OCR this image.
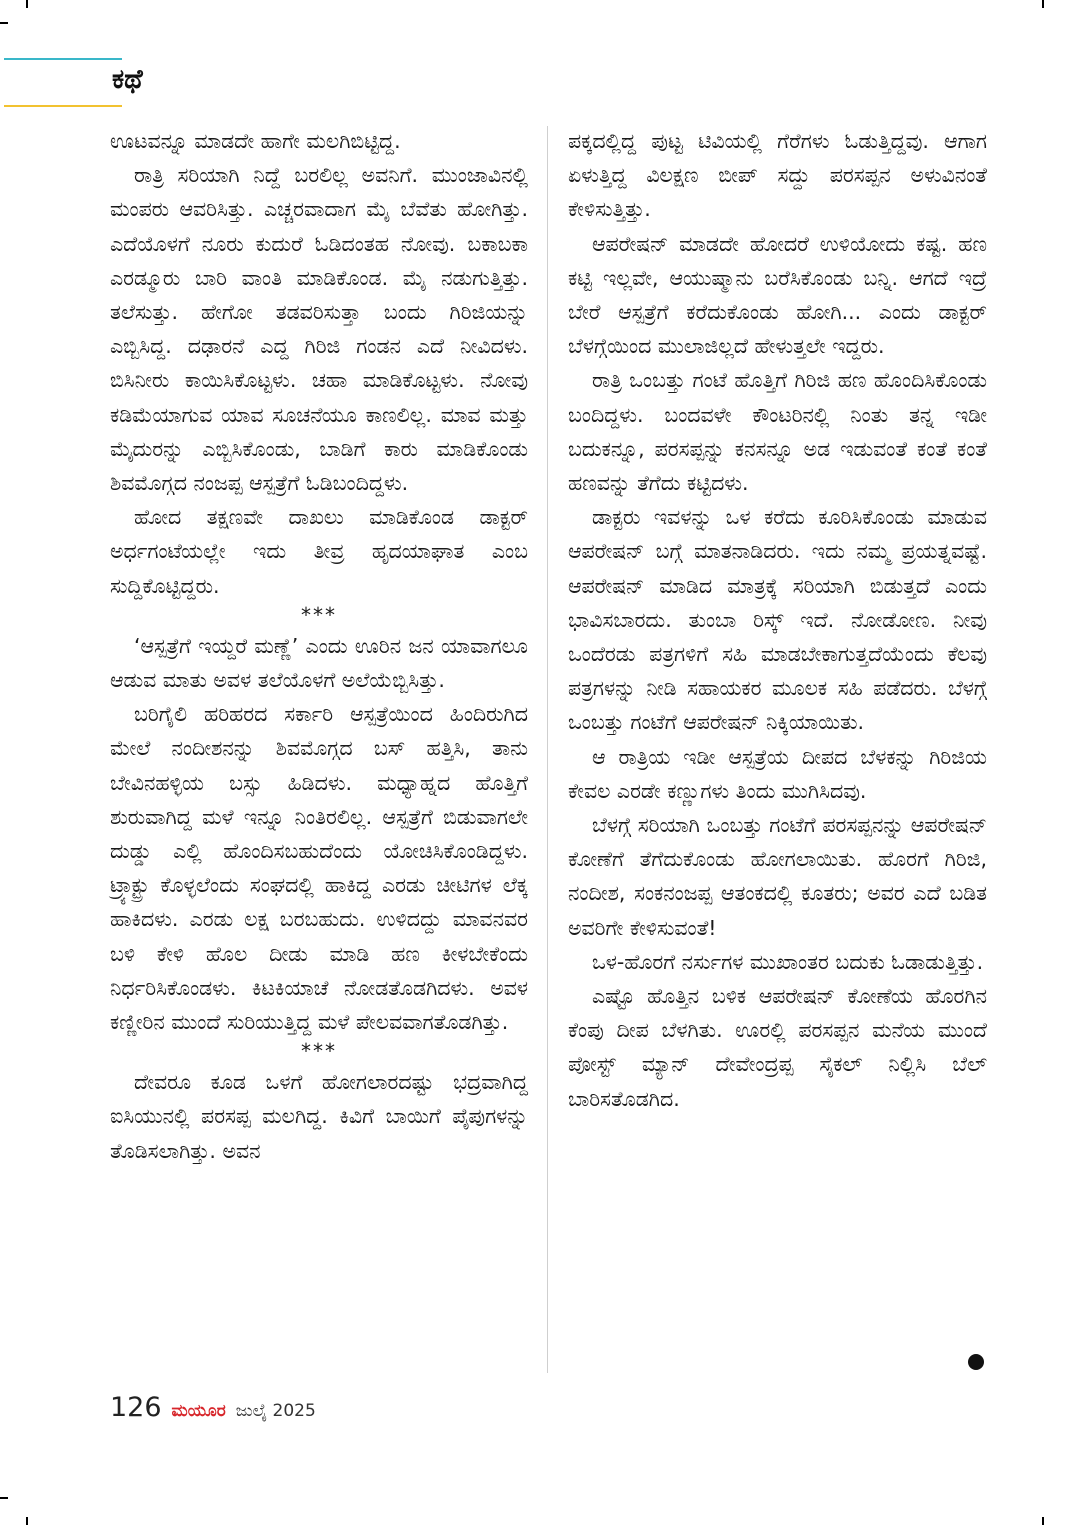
ಕಥೆ
ಊಟವನ್ನೂ ಮಾಡದೇ ಹಾಗೇ ಮಲಗಿಬಿಟ್ಟಿದ್ದ.
ರಾತ್ರಿ ಸರಿಯಾಗಿ ನಿದ್ದೆ ಬರಲಿಲ್ಲ ಅವನಿಗೆ. ಮುಂಜಾವಿನಲ್ಲಿ ಮಂಪರು ಆವರಿಸಿತ್ತು. ಎಚ್ಚರವಾದಾಗ ಮೈ ಬೆವೆತು ಹೋಗಿತ್ತು. ಎದೆಯೊಳಗೆ ನೂರು ಕುದುರೆ ಓಡಿದಂತಹ ನೋವು. ಬಕಾಬಕಾ ಎರಡ್ಮೂರು ಬಾರಿ ವಾಂತಿ ಮಾಡಿಕೊಂಡ. ಮೈ ನಡುಗುತ್ತಿತ್ತು. ತಲೆಸುತ್ತು. ಹೇಗೋ ತಡವರಿಸುತ್ತಾ ಬಂದು ಗಿರಿಜಿಯನ್ನು ಎಬ್ಬಿಸಿದ್ದ. ದಢಾರನೆ ಎದ್ದ ಗಿರಿಜಿ ಗಂಡನ ಎದೆ ನೀವಿದಳು. ಬಿಸಿನೀರು ಕಾಯಿಸಿಕೊಟ್ಟಳು. ಚಹಾ ಮಾಡಿಕೊಟ್ಟಳು. ನೋವು ಕಡಿಮೆಯಾಗುವ ಯಾವ ಸೂಚನೆಯೂ ಕಾಣಲಿಲ್ಲ. ಮಾವ ಮತ್ತು ಮೈದುರನ್ನು ಎಬ್ಬಿಸಿಕೊಂಡು, ಬಾಡಿಗೆ ಕಾರು ಮಾಡಿಕೊಂಡು ಶಿವಮೊಗ್ಗದ ನಂಜಪ್ಪ ಆಸ್ಪತ್ರೆಗೆ ಓಡಿಬಂದಿದ್ದಳು.
ಹೋದ ತಕ್ಷಣವೇ ದಾಖಲು ಮಾಡಿಕೊಂಡ ಡಾಕ್ಟರ್ ಅರ್ಧಗಂಟೆಯಲ್ಲೇ ಇದು ತೀವ್ರ ಹೃದಯಾಘಾತ ಎಂಬ ಸುದ್ದಿಕೊಟ್ಟಿದ್ದರು.
***
‘ಆಸ್ಪತ್ರೆಗೆ ಇಯ್ದರೆ ಮಣ್ಣೆ’ ಎಂದು ಊರಿನ ಜನ ಯಾವಾಗಲೂ ಆಡುವ ಮಾತು ಅವಳ ತಲೆಯೊಳಗೆ ಅಲೆಯೆಬ್ಬಿಸಿತ್ತು.
ಬರಿಗೈಲಿ ಹರಿಹರದ ಸರ್ಕಾರಿ ಆಸ್ಪತ್ರೆಯಿಂದ ಹಿಂದಿರುಗಿದ ಮೇಲೆ ನಂದೀಶನನ್ನು ಶಿವಮೊಗ್ಗದ ಬಸ್ ಹತ್ತಿಸಿ, ತಾನು ಬೇವಿನಹಳ್ಳಿಯ ಬಸ್ಸು ಹಿಡಿದಳು. ಮಧ್ಯಾಹ್ನದ ಹೊತ್ತಿಗೆ ಶುರುವಾಗಿದ್ದ ಮಳೆ ಇನ್ನೂ ನಿಂತಿರಲಿಲ್ಲ. ಆಸ್ಪತ್ರೆಗೆ ಬಿಡುವಾಗಲೇ ದುಡ್ಡು ಎಲ್ಲಿ ಹೊಂದಿಸಬಹುದೆಂದು ಯೋಚಿಸಿಕೊಂಡಿದ್ದಳು. ಟ್ರ್ಯಾಕ್ಟ್ರು ಕೊಳ್ಳಲೆಂದು ಸಂಘದಲ್ಲಿ ಹಾಕಿದ್ದ ಎರಡು ಚೀಟಿಗಳ ಲೆಕ್ಕ ಹಾಕಿದಳು. ಎರಡು ಲಕ್ಷ ಬರಬಹುದು. ಉಳಿದದ್ದು ಮಾವನವರ ಬಳಿ ಕೇಳಿ ಹೊಲ ದೀಡು ಮಾಡಿ ಹಣ ಕೀಳಬೇಕೆಂದು ನಿರ್ಧರಿಸಿಕೊಂಡಳು. ಕಿಟಕಿಯಾಚೆ ನೋಡತೊಡಗಿದಳು. ಅವಳ ಕಣ್ಣೀರಿನ ಮುಂದೆ ಸುರಿಯುತ್ತಿದ್ದ ಮಳೆ ಪೇಲವವಾಗತೊಡಗಿತ್ತು.
***
ದೇವರೂ ಕೂಡ ಒಳಗೆ ಹೋಗಲಾರದಷ್ಟು ಭದ್ರವಾಗಿದ್ದ ಐಸಿಯುನಲ್ಲಿ ಪರಸಪ್ಪ ಮಲಗಿದ್ದ. ಕಿವಿಗೆ ಬಾಯಿಗೆ ಪೈಪುಗಳನ್ನು ತೊಡಿಸಲಾಗಿತ್ತು. ಅವನ
ಪಕ್ಕದಲ್ಲಿದ್ದ ಪುಟ್ಟ ಟಿವಿಯಲ್ಲಿ ಗೆರೆಗಳು ಓಡುತ್ತಿದ್ದವು. ಆಗಾಗ ಏಳುತ್ತಿದ್ದ ವಿಲಕ್ಷಣ ಬೀಪ್ ಸದ್ದು ಪರಸಪ್ಪನ ಅಳುವಿನಂತೆ ಕೇಳಿಸುತ್ತಿತ್ತು.
ಆಪರೇಷನ್ ಮಾಡದೇ ಹೋದರೆ ಉಳಿಯೋದು ಕಷ್ಟ. ಹಣ ಕಟ್ಟಿ ಇಲ್ಲವೇ, ಆಯುಷ್ಮಾನು ಬರೆಸಿಕೊಂಡು ಬನ್ನಿ. ಆಗದೆ ಇದ್ರೆ ಬೇರೆ ಆಸ್ಪತ್ರೆಗೆ ಕರೆದುಕೊಂಡು ಹೋಗಿ... ಎಂದು ಡಾಕ್ಟರ್ ಬೆಳಗ್ಗೆಯಿಂದ ಮುಲಾಜಿಲ್ಲದೆ ಹೇಳುತ್ತಲೇ ಇದ್ದರು.
ರಾತ್ರಿ ಒಂಬತ್ತು ಗಂಟೆ ಹೊತ್ತಿಗೆ ಗಿರಿಜಿ ಹಣ ಹೊಂದಿಸಿಕೊಂಡು ಬಂದಿದ್ದಳು. ಬಂದವಳೇ ಕೌಂಟರಿನಲ್ಲಿ ನಿಂತು ತನ್ನ ಇಡೀ ಬದುಕನ್ನೂ, ಪರಸಪ್ಪನ್ನು ಕನಸನ್ನೂ ಅಡ ಇಡುವಂತೆ ಕಂತೆ ಕಂತೆ ಹಣವನ್ನು ತೆಗೆದು ಕಟ್ಟಿದಳು.
ಡಾಕ್ಟರು ಇವಳನ್ನು ಒಳ ಕರೆದು ಕೂರಿಸಿಕೊಂಡು ಮಾಡುವ ಆಪರೇಷನ್ ಬಗ್ಗೆ ಮಾತನಾಡಿದರು. ಇದು ನಮ್ಮ ಪ್ರಯತ್ನವಷ್ಟೆ. ಆಪರೇಷನ್ ಮಾಡಿದ ಮಾತ್ರಕ್ಕೆ ಸರಿಯಾಗಿ ಬಿಡುತ್ತದೆ ಎಂದು ಭಾವಿಸಬಾರದು. ತುಂಬಾ ರಿಸ್ಕ್ ಇದೆ. ನೋಡೋಣ. ನೀವು ಒಂದೆರಡು ಪತ್ರಗಳಿಗೆ ಸಹಿ ಮಾಡಬೇಕಾಗುತ್ತದೆಯೆಂದು ಕೆಲವು ಪತ್ರಗಳನ್ನು ನೀಡಿ ಸಹಾಯಕರ ಮೂಲಕ ಸಹಿ ಪಡೆದರು. ಬೆಳಗ್ಗೆ ಒಂಬತ್ತು ಗಂಟೆಗೆ ಆಪರೇಷನ್ ನಿಕ್ಕಿಯಾಯಿತು.
ಆ ರಾತ್ರಿಯ ಇಡೀ ಆಸ್ಪತ್ರೆಯ ದೀಪದ ಬೆಳಕನ್ನು ಗಿರಿಜಿಯ ಕೇವಲ ಎರಡೇ ಕಣ್ಣುಗಳು ತಿಂದು ಮುಗಿಸಿದವು.
ಬೆಳಗ್ಗೆ ಸರಿಯಾಗಿ ಒಂಬತ್ತು ಗಂಟೆಗೆ ಪರಸಪ್ಪನನ್ನು ಆಪರೇಷನ್ ಕೋಣೆಗೆ ತೆಗೆದುಕೊಂಡು ಹೋಗಲಾಯಿತು. ಹೊರಗೆ ಗಿರಿಜಿ, ನಂದೀಶ, ಸಂಕನಂಜಪ್ಪ ಆತಂಕದಲ್ಲಿ ಕೂತರು; ಅವರ ಎದೆ ಬಡಿತ ಅವರಿಗೇ ಕೇಳಿಸುವಂತೆ!
ಒಳ-ಹೊರಗೆ ನರ್ಸುಗಳ ಮುಖಾಂತರ ಬದುಕು ಓಡಾಡುತ್ತಿತ್ತು.
ಎಷ್ಟೊ ಹೊತ್ತಿನ ಬಳಿಕ ಆಪರೇಷನ್ ಕೋಣೆಯ ಹೊರಗಿನ ಕೆಂಪು ದೀಪ ಬೆಳಗಿತು. ಊರಲ್ಲಿ ಪರಸಪ್ಪನ ಮನೆಯ ಮುಂದೆ ಪೋಸ್ಟ್ ಮ್ಯಾನ್ ದೇವೇಂದ್ರಪ್ಪ ಸೈಕಲ್ ನಿಲ್ಲಿಸಿ ಬೆಲ್ ಬಾರಿಸತೊಡಗಿದ.
126 ಮಯೂರ ಜುಲೈ 2025
